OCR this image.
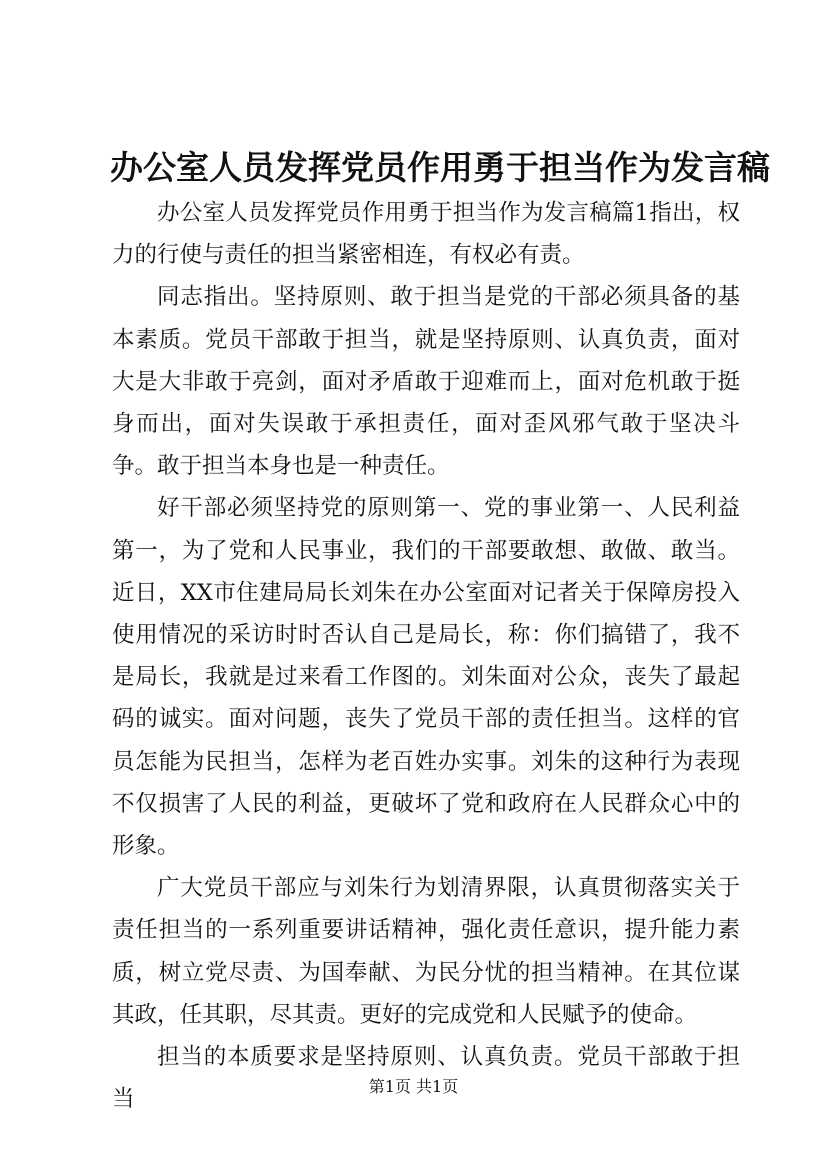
办公室人员发挥党员作用勇于担当作为发言稿

办公室人员发挥党员作用勇于担当作为发言稿篇1指出，权力的行使与责任的担当紧密相连，有权必有责。

同志指出。坚持原则、敢于担当是党的干部必须具备的基本素质。党员干部敢于担当，就是坚持原则、认真负责，面对大是大非敢于亮剑，面对矛盾敢于迎难而上，面对危机敢于挺身而出，面对失误敢于承担责任，面对歪风邪气敢于坚决斗争。敢于担当本身也是一种责任。

好干部必须坚持党的原则第一、党的事业第一、人民利益第一，为了党和人民事业，我们的干部要敢想、敢做、敢当。近日，XX市住建局局长刘朱在办公室面对记者关于保障房投入使用情况的采访时时否认自己是局长，称：你们搞错了，我不是局长，我就是过来看工作图的。刘朱面对公众，丧失了最起码的诚实。面对问题，丧失了党员干部的责任担当。这样的官员怎能为民担当，怎样为老百姓办实事。刘朱的这种行为表现不仅损害了人民的利益，更破坏了党和政府在人民群众心中的形象。

广大党员干部应与刘朱行为划清界限，认真贯彻落实关于责任担当的一系列重要讲话精神，强化责任意识，提升能力素质，树立党尽责、为国奉献、为民分忧的担当精神。在其位谋其政，任其职，尽其责。更好的完成党和人民赋予的使命。

担当的本质要求是坚持原则、认真负责。党员干部敢于担当	第1页 共1页
